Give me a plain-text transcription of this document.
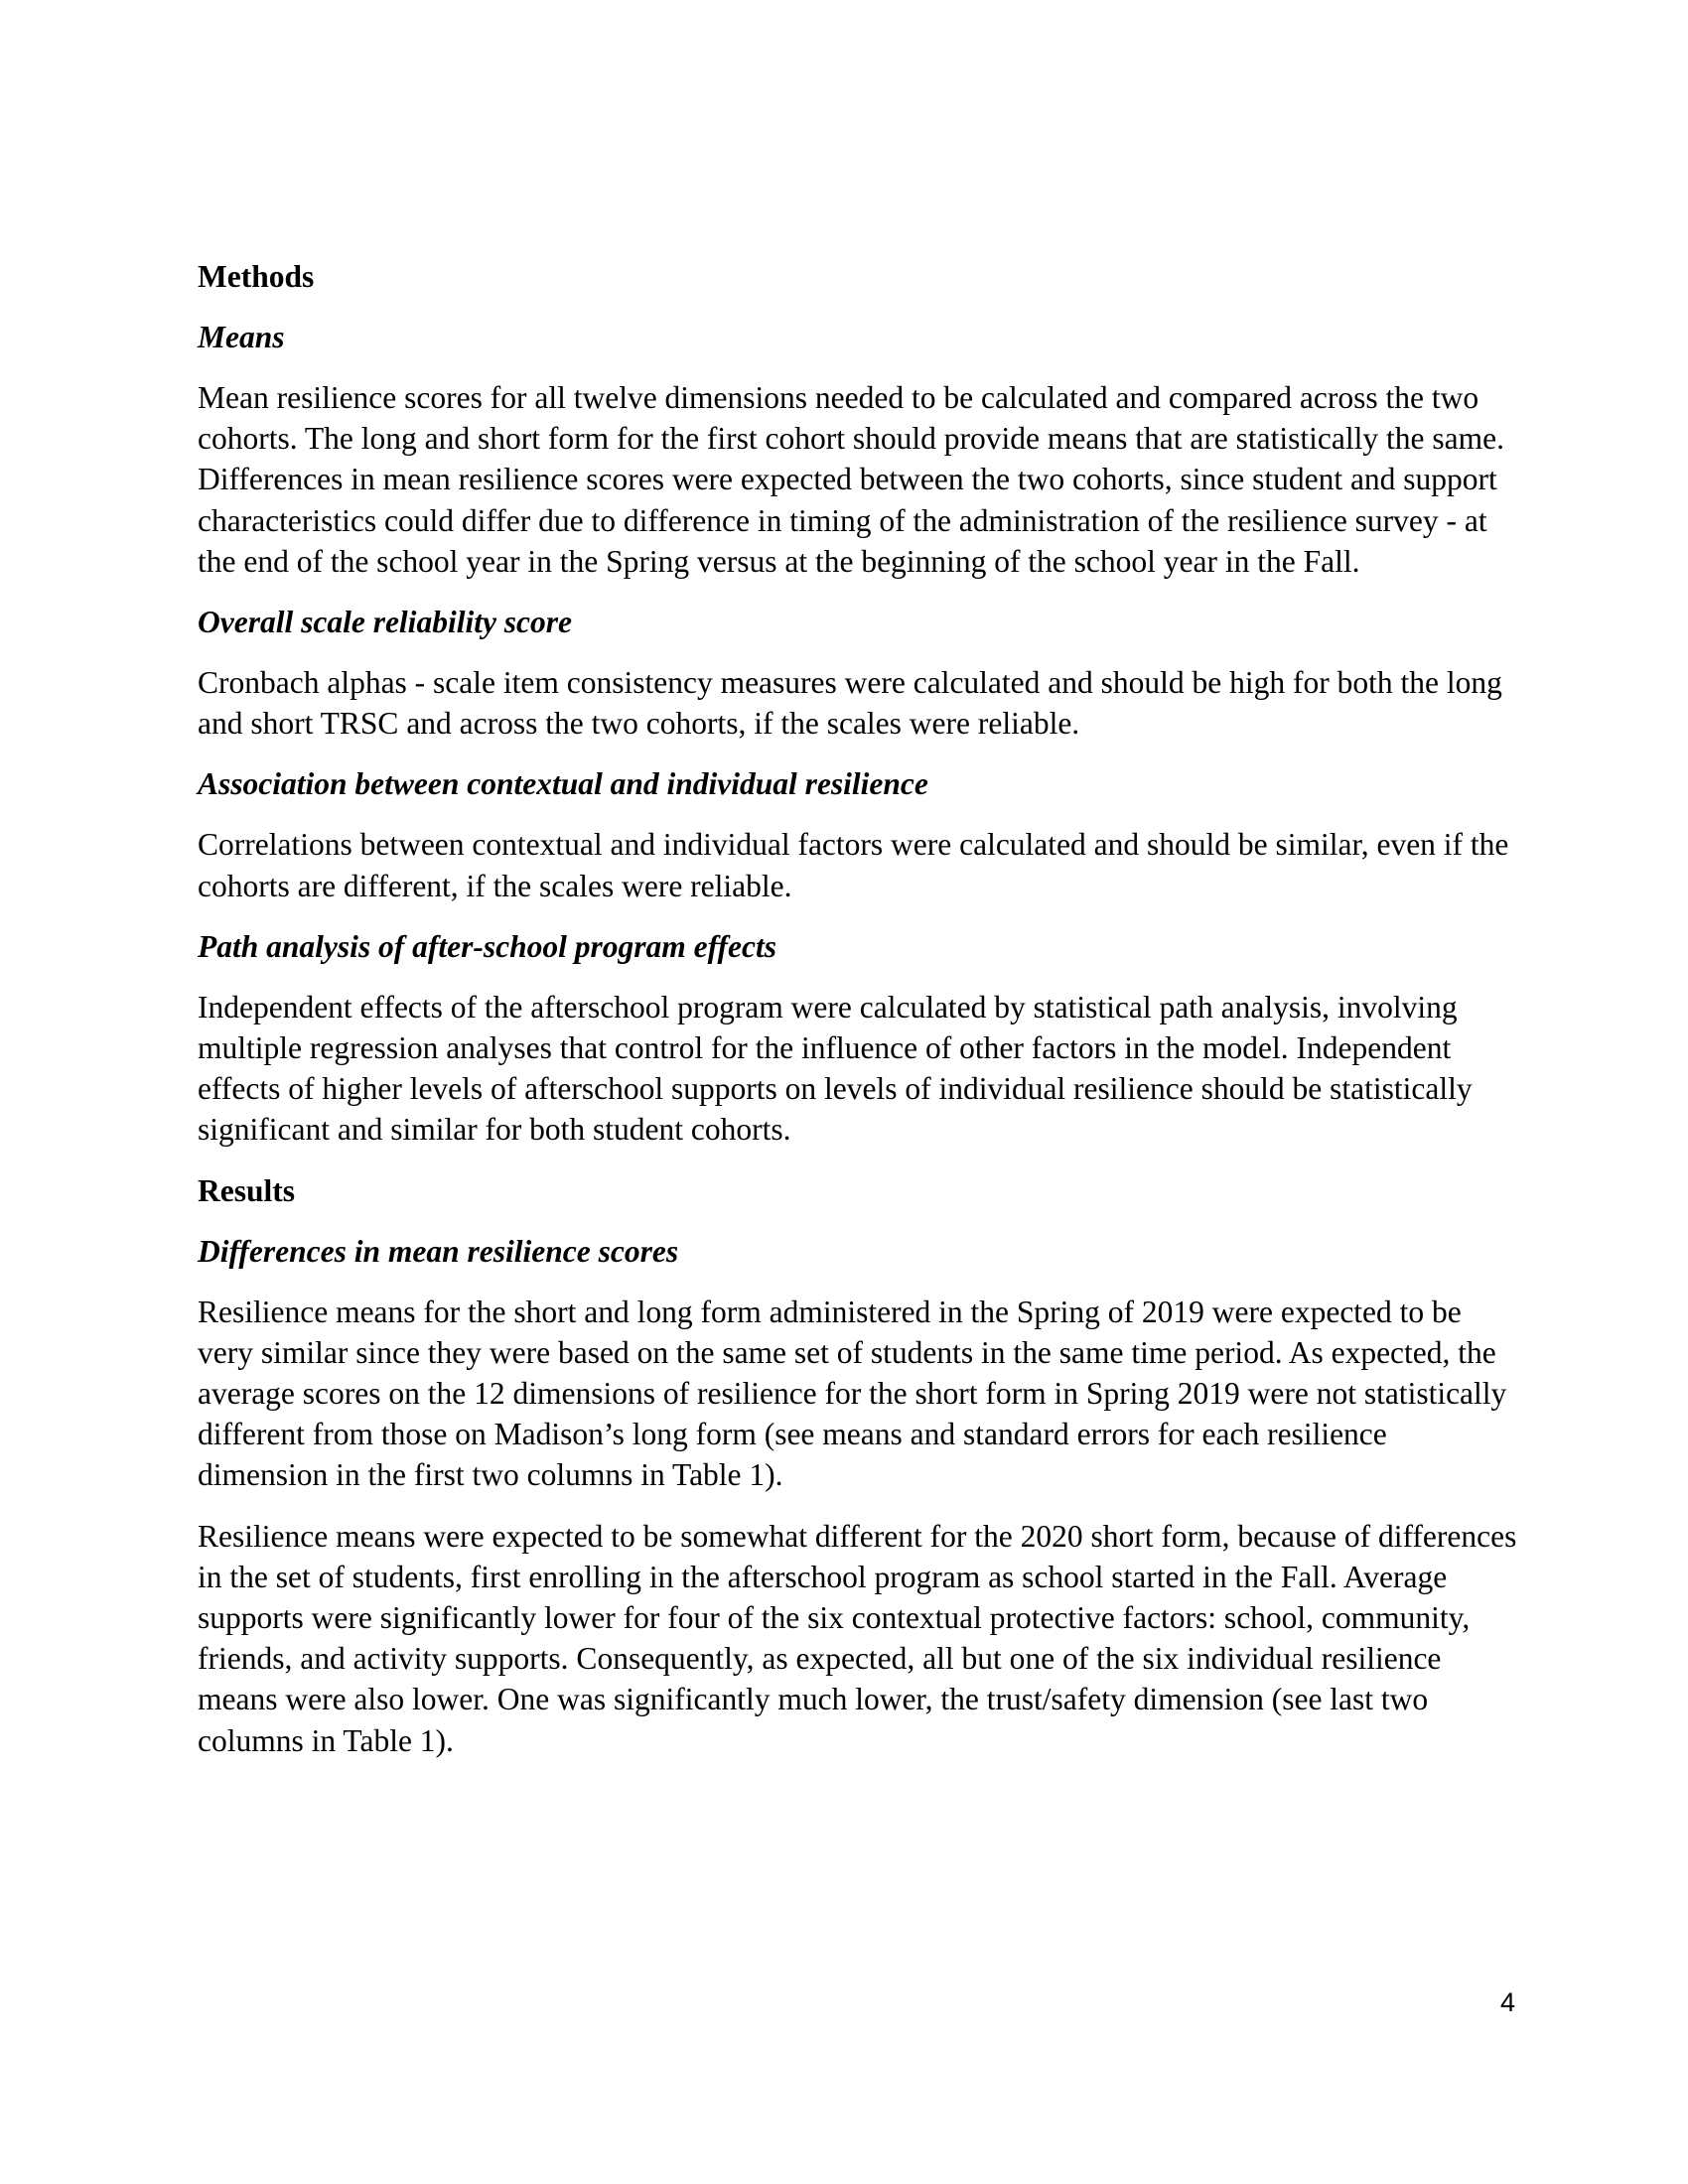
Methods
Means
Mean resilience scores for all twelve dimensions needed to be calculated and compared across the two cohorts. The long and short form for the first cohort should provide means that are statistically the same. Differences in mean resilience scores were expected between the two cohorts, since student and support characteristics could differ due to difference in timing of the administration of the resilience survey - at the end of the school year in the Spring versus at the beginning of the school year in the Fall.
Overall scale reliability score
Cronbach alphas - scale item consistency measures were calculated and should be high for both the long and short TRSC and across the two cohorts, if the scales were reliable.
Association between contextual and individual resilience
Correlations between contextual and individual factors were calculated and should be similar, even if the cohorts are different, if the scales were reliable.
Path analysis of after-school program effects
Independent effects of the afterschool program were calculated by statistical path analysis, involving multiple regression analyses that control for the influence of other factors in the model. Independent effects of higher levels of afterschool supports on levels of individual resilience should be statistically significant and similar for both student cohorts.
Results
Differences in mean resilience scores
Resilience means for the short and long form administered in the Spring of 2019 were expected to be very similar since they were based on the same set of students in the same time period. As expected, the average scores on the 12 dimensions of resilience for the short form in Spring 2019 were not statistically different from those on Madison’s long form (see means and standard errors for each resilience dimension in the first two columns in Table 1).
Resilience means were expected to be somewhat different for the 2020 short form, because of differences in the set of students, first enrolling in the afterschool program as school started in the Fall. Average supports were significantly lower for four of the six contextual protective factors: school, community, friends, and activity supports. Consequently, as expected, all but one of the six individual resilience means were also lower. One was significantly much lower, the trust/safety dimension (see last two columns in Table 1).
4
